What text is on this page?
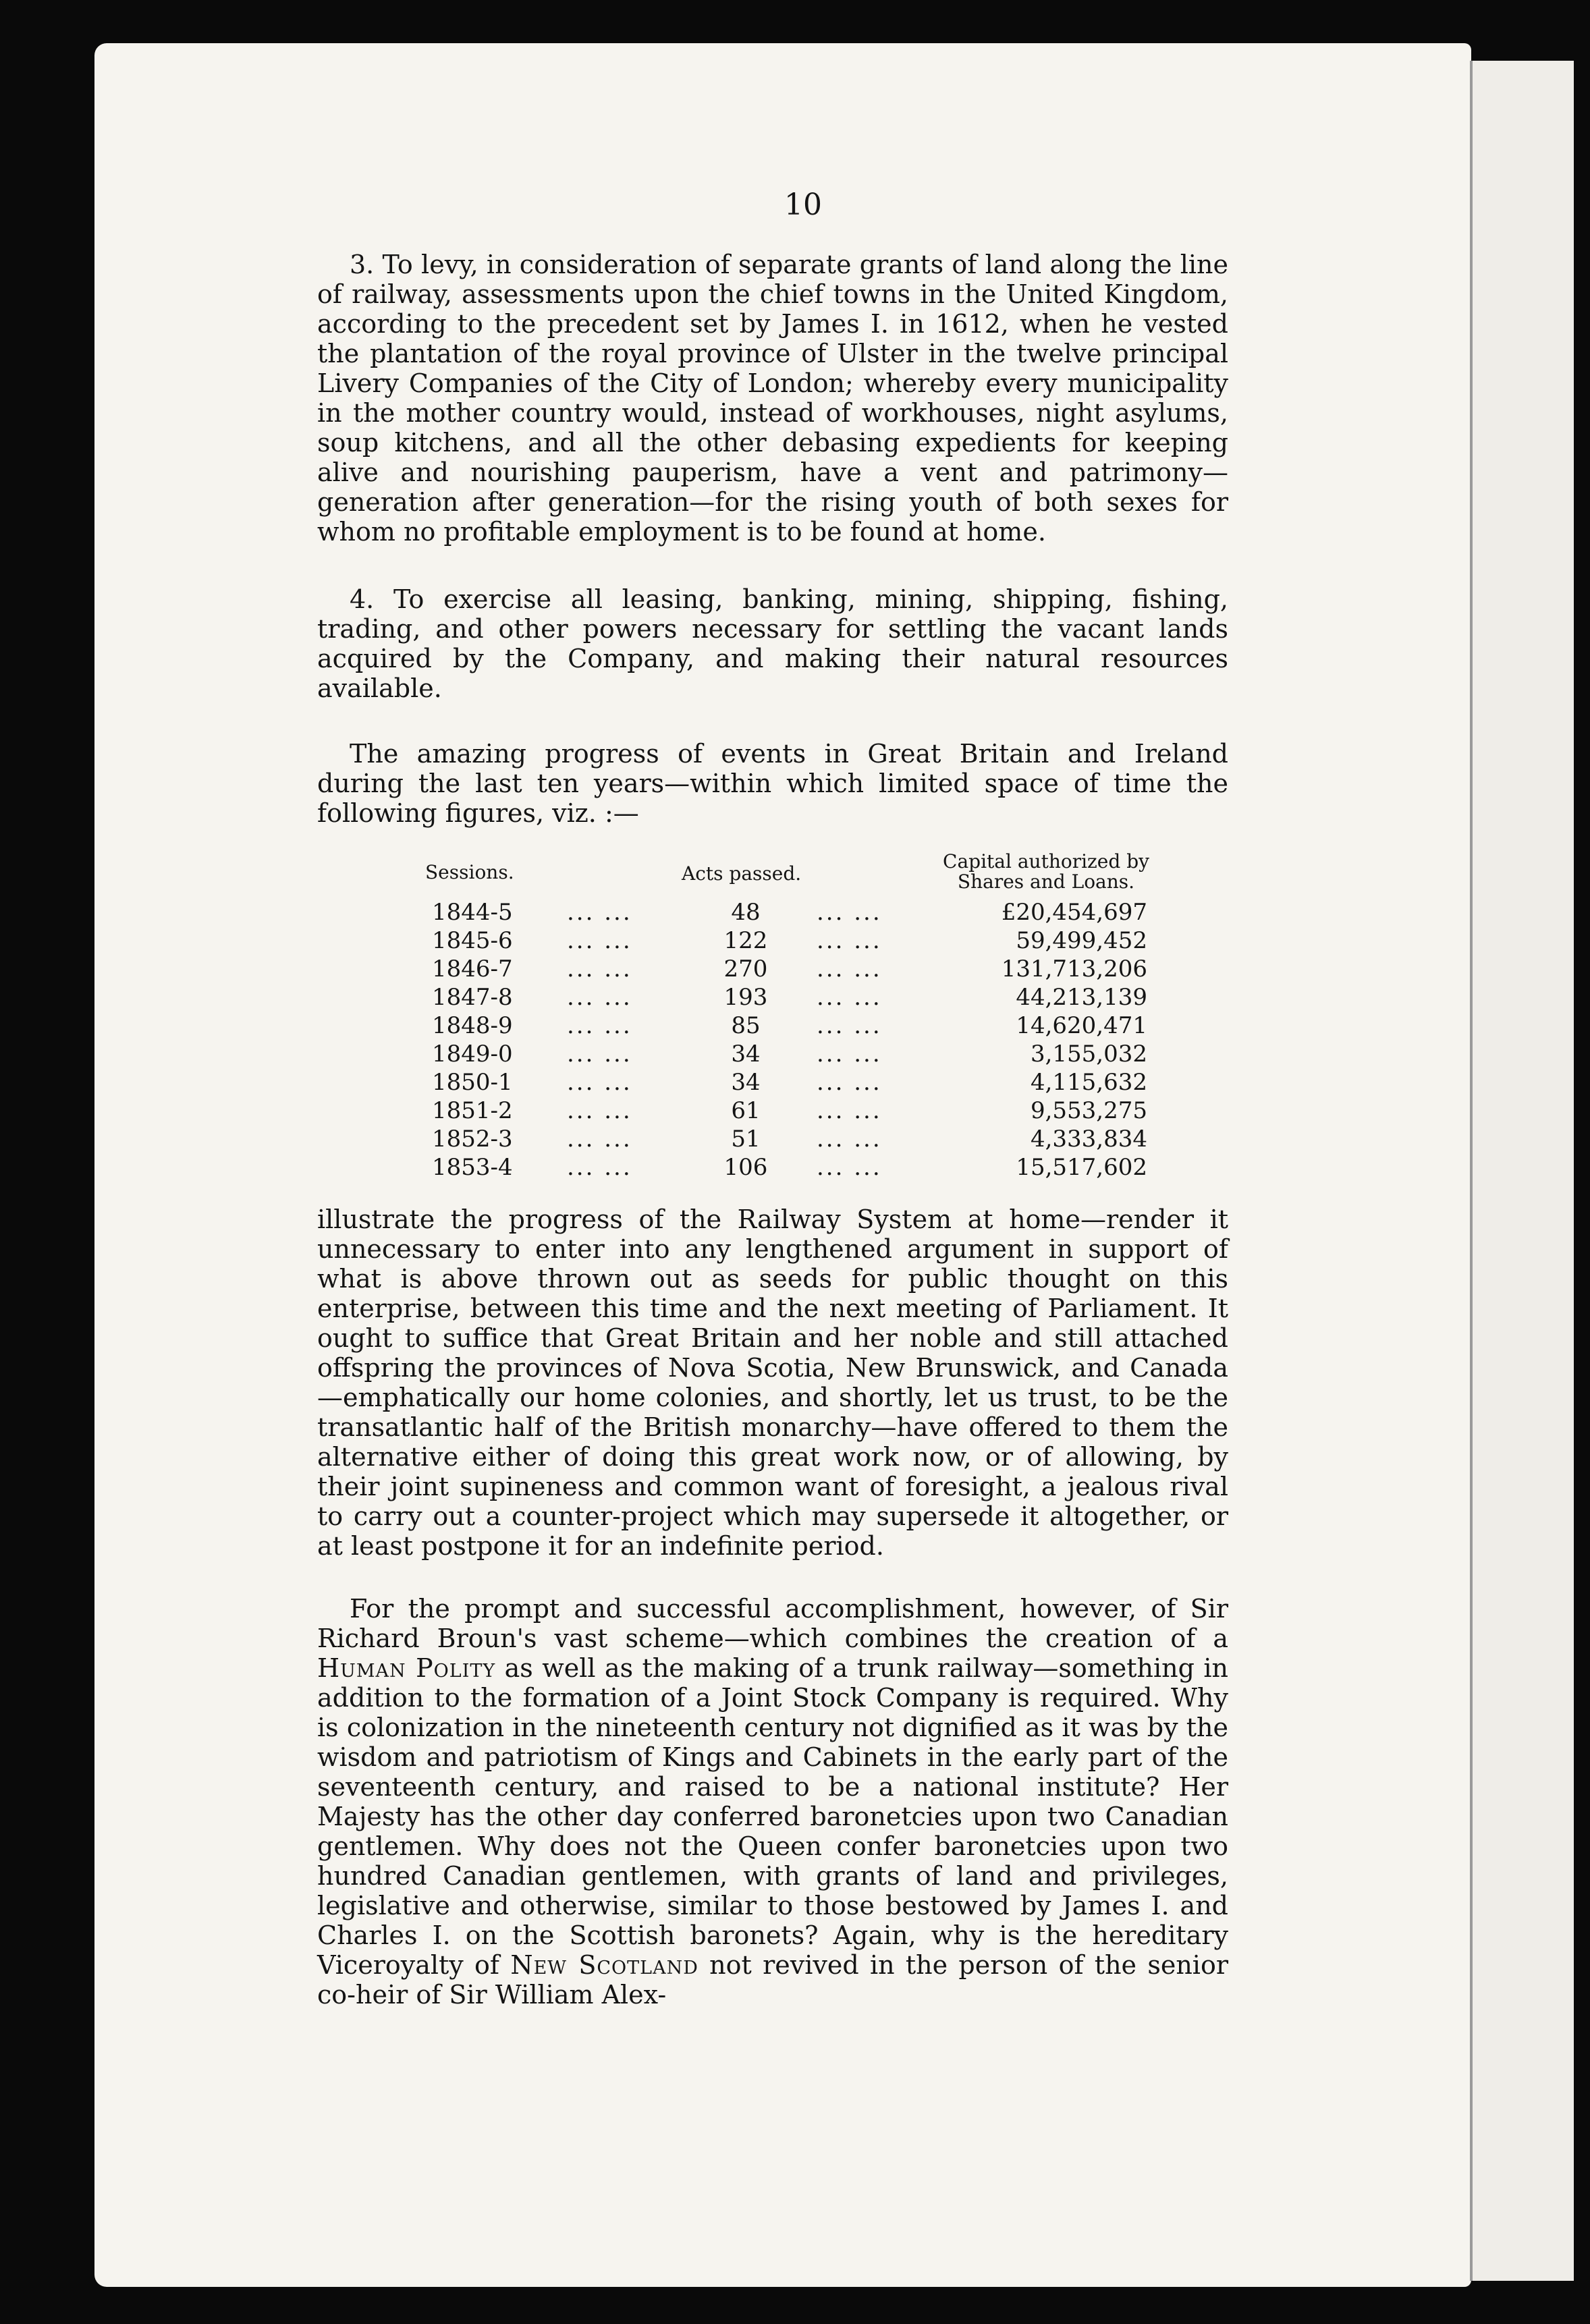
10

3. To levy, in consideration of separate grants of land along the line of railway, assessments upon the chief towns in the United Kingdom, according to the precedent set by James I. in 1612, when he vested the plantation of the royal province of Ulster in the twelve principal Livery Companies of the City of London; whereby every municipality in the mother country would, instead of workhouses, night asylums, soup kitchens, and all the other debasing expedients for keeping alive and nourishing pauperism, have a vent and patrimony—generation after generation—for the rising youth of both sexes for whom no profitable employment is to be found at home.

4. To exercise all leasing, banking, mining, shipping, fishing, trading, and other powers necessary for settling the vacant lands acquired by the Company, and making their natural resources available.

The amazing progress of events in Great Britain and Ireland during the last ten years—within which limited space of time the following figures, viz. :—

Sessions.	Acts passed.
Capital authorized by
Shares and Loans.
1844-5 ... ...	48	... ...	£20,454,697
1845-6 ... ...	122	... ...	59,499,452
1846-7 ... ...	270	... ...	131,713,206
1847-8 ... ...	193	... ...	44,213,139
1848-9 ... ...	85	... ...	14,620,471
1849-0 ... ...	34	... ...	3,155,032
1850-1 ... ...	34	... ...	4,115,632
1851-2 ... ...	61	... ...	9,553,275
1852-3 ... ...	51	... ...	4,333,834
1853-4 ... ...	106	... ...	15,517,602

illustrate the progress of the Railway System at home—render it unnecessary to enter into any lengthened argument in support of what is above thrown out as seeds for public thought on this enterprise, between this time and the next meeting of Parliament. It ought to suffice that Great Britain and her noble and still attached offspring the provinces of Nova Scotia, New Brunswick, and Canada—emphatically our home colonies, and shortly, let us trust, to be the transatlantic half of the British monarchy—have offered to them the alternative either of doing this great work now, or of allowing, by their joint supineness and common want of foresight, a jealous rival to carry out a counter-project which may supersede it altogether, or at least postpone it for an indefinite period.

For the prompt and successful accomplishment, however, of Sir Richard Broun's vast scheme—which combines the creation of a Human Polity as well as the making of a trunk railway—something in addition to the formation of a Joint Stock Company is required. Why is colonization in the nineteenth century not dignified as it was by the wisdom and patriotism of Kings and Cabinets in the early part of the seventeenth century, and raised to be a national institute? Her Majesty has the other day conferred baronetcies upon two Canadian gentlemen. Why does not the Queen confer baronetcies upon two hundred Canadian gentlemen, with grants of land and privileges, legislative and otherwise, similar to those bestowed by James I. and Charles I. on the Scottish baronets? Again, why is the hereditary Viceroyalty of New Scotland not revived in the person of the senior co-heir of Sir William Alex-
